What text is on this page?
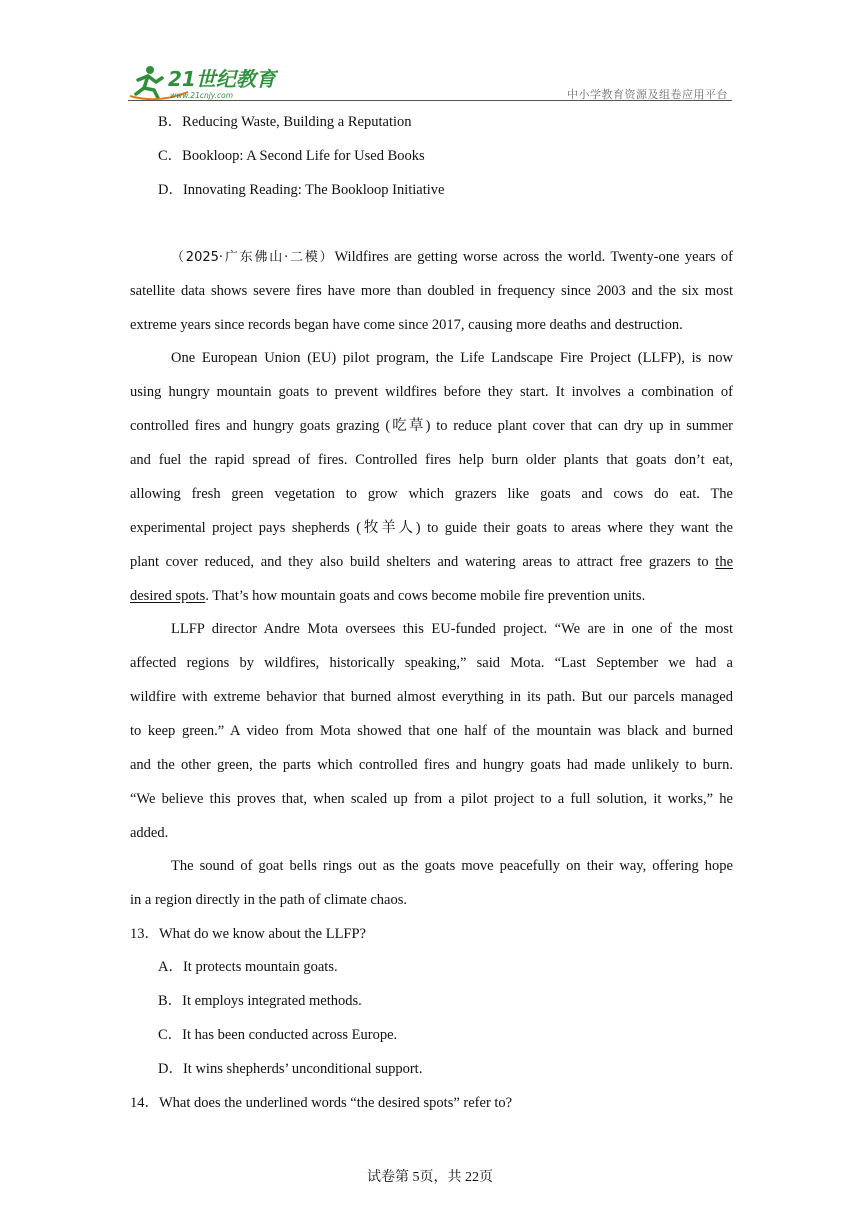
21世纪教育
www.21cnjy.com	中小学教育资源及组卷应用平台
B．Reducing Waste, Building a Reputation
C．Bookloop: A Second Life for Used Books
D．Innovating Reading: The Bookloop Initiative
（2025·广东佛山·二模）Wildfires are getting worse across the world. Twenty-one years of
satellite data shows severe fires have more than doubled in frequency since 2003 and the six most
extreme years since records began have come since 2017, causing more deaths and destruction.
One European Union (EU) pilot program, the Life Landscape Fire Project (LLFP), is now
using hungry mountain goats to prevent wildfires before they start. It involves a combination of
controlled fires and hungry goats grazing (吃草) to reduce plant cover that can dry up in summer
and fuel the rapid spread of fires. Controlled fires help burn older plants that goats don’t eat,
allowing fresh green vegetation to grow which grazers like goats and cows do eat. The
experimental project pays shepherds (牧羊人) to guide their goats to areas where they want the
plant cover reduced, and they also build shelters and watering areas to attract free grazers to the
desired spots. That’s how mountain goats and cows become mobile fire prevention units.
LLFP director Andre Mota oversees this EU-funded project. “We are in one of the most
affected regions by wildfires, historically speaking,” said Mota. “Last September we had a
wildfire with extreme behavior that burned almost everything in its path. But our parcels managed
to keep green.” A video from Mota showed that one half of the mountain was black and burned
and the other green, the parts which controlled fires and hungry goats had made unlikely to burn.
“We believe this proves that, when scaled up from a pilot project to a full solution, it works,” he
added.
The sound of goat bells rings out as the goats move peacefully on their way, offering hope
in a region directly in the path of climate chaos.
13．What do we know about the LLFP?
A．It protects mountain goats.
B．It employs integrated methods.
C．It has been conducted across Europe.
D．It wins shepherds’ unconditional support.
14．What does the underlined words “the desired spots” refer to?
试卷第 5页，共 22页
